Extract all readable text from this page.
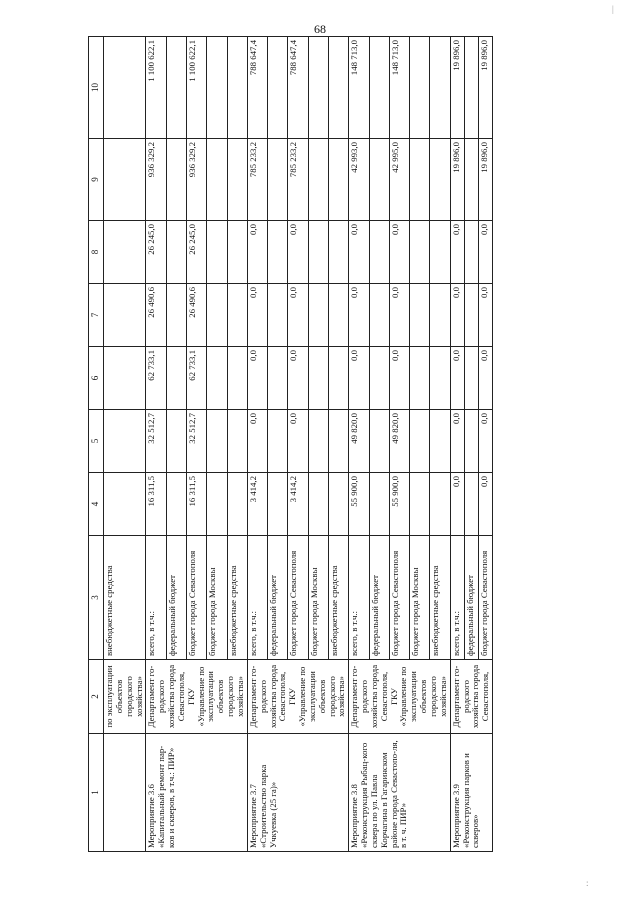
68
1	2	3	4	5	6	7	8	9	10
	по эксплуатации объектов городского хозяйства»	внебюджетные средства							
Мероприятие 3.6 «Капитальный ремонт пар-ков и скверов, в т.ч.: ПИР»	Департамент го-родского хозяйства города Севастополя, ГКУ «Управление по эксплуатации объектов городского хозяйства»	всего, в т.ч.:	16 311,5	32 512,7	62 733,1	26 490,6	26 245,0	936 329,2	1 100 622,1
		федеральный бюджет							
		бюджет города Севастополя	16 311,5	32 512,7	62 733,1	26 490,6	26 245,0	936 329,2	1 100 622,1
		бюджет города Москвы							
		внебюджетные средства							
Мероприятие 3.7 «Строительство парка Учкуевка (25 га)»	Департамент го-родского хозяйства города Севастополя, ГКУ «Управление по эксплуатации объектов городского хозяйства»	всего, в т.ч.:	3 414,2	0,0	0,0	0,0	0,0	785 233,2	788 647,4
		федеральный бюджет							
		бюджет города Севастополя	3 414,2	0,0	0,0	0,0	0,0	785 233,2	788 647,4
		бюджет города Москвы							
		внебюджетные средства							
Мероприятие 3.8 «Реконструкция Рыбац-кого сквера по ул. Павла Корчагина в Гагаринском районе города Севастопо-ля, в т. ч. ПИР»	Департамент го-родского хозяйства города Севастополя, ГКУ «Управление по эксплуатации объектов городского хозяйства»	всего, в т.ч.:	55 900,0	49 820,0	0,0	0,0	0,0	42 993,0	148 713,0
		федеральный бюджет							
		бюджет города Севастополя	55 900,0	49 820,0	0,0	0,0	0,0	42 995,0	148 713,0
		бюджет города Москвы							
		внебюджетные средства							
Мероприятие 3.9 «Реконструкция парков и скверов»	Департамент го-родского хозяйства города Севастополя,	всего, в т.ч.:	0,0	0,0	0,0	0,0	0,0	19 896,0	19 896,0
		федеральный бюджет							
		бюджет города Севастополя	0,0	0,0	0,0	0,0	0,0	19 896,0	19 896,0
|
:
